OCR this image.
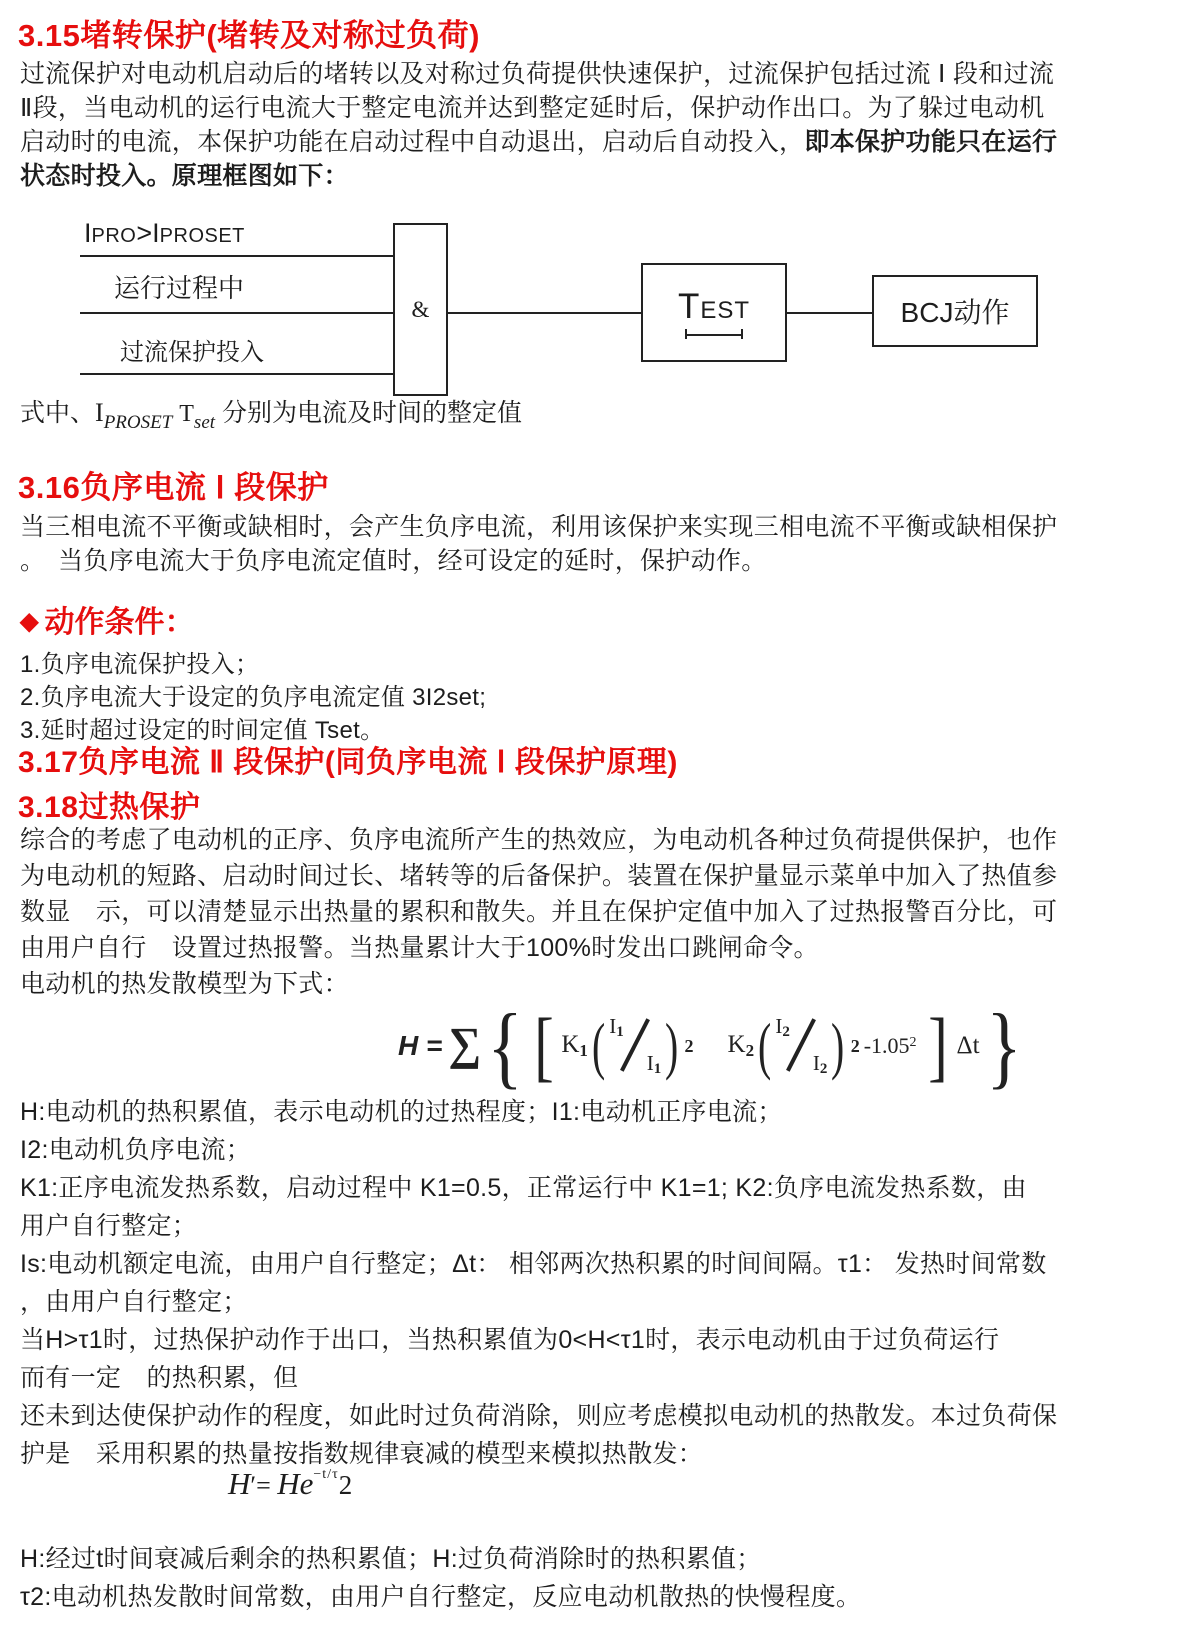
3.15堵转保护(堵转及对称过负荷)
过流保护对电动机启动后的堵转以及对称过负荷提供快速保护，过流保护包括过流 Ⅰ 段和过流
Ⅱ段，当电动机的运行电流大于整定电流并达到整定延时后，保护动作出口。为了躲过电动机
启动时的电流，本保护功能在启动过程中自动退出，启动后自动投入，即本保护功能只在运行
状态时投入。原理框图如下：
IPRO>IPROSET
运行过程中
过流保护投入
&	TEST	BCJ动作
式中、$I_{PROSET}$ $T_{set}$ 分别为电流及时间的整定值
3.16负序电流 Ⅰ 段保护
当三相电流不平衡或缺相时，会产生负序电流，利用该保护来实现三相电流不平衡或缺相保护
。　当负序电流大于负序电流定值时，经可设定的延时，保护动作。
◆ 动作条件：
1.负序电流保护投入；
2.负序电流大于设定的负序电流定值 3I2set;
3.延时超过设定的时间定值 Tset。
3.17负序电流 Ⅱ 段保护(同负序电流 Ⅰ 段保护原理)
3.18过热保护
综合的考虑了电动机的正序、负序电流所产生的热效应，为电动机各种过负荷提供保护，也作
为电动机的短路、启动时间过长、堵转等的后备保护。装置在保护量显示菜单中加入了热值参
数显　示，可以清楚显示出热量的累积和散失。并且在保护定值中加入了过热报警百分比，可
由用户自行　设置过热报警。当热量累计大于100%时发出口跳闸命令。
电动机的热发散模型为下式：
H = ∑ { [ K1 ( I1
I1 ) 2 K2 ( I2
I2 ) 2 -1.05$^2$ ] Δt }
H:电动机的热积累值，表示电动机的过热程度；I1:电动机正序电流；
I2:电动机负序电流；
K1:正序电流发热系数，启动过程中 K1=0.5，正常运行中 K1=1; K2:负序电流发热系数，由
用户自行整定；
Is:电动机额定电流，由用户自行整定；Δt： 相邻两次热积累的时间间隔。τ1： 发热时间常数
，由用户自行整定；
当H>τ1时，过热保护动作于出口，当热积累值为0<H<τ1时，表示电动机由于过负荷运行
而有一定　的热积累，但
还未到达使保护动作的程度，如此时过负荷消除，则应考虑模拟电动机的热散发。本过负荷保
护是　采用积累的热量按指数规律衰减的模型来模拟热散发：
H′= He−t/τ2
H:经过t时间衰减后剩余的热积累值；H:过负荷消除时的热积累值；
τ2:电动机热发散时间常数，由用户自行整定，反应电动机散热的快慢程度。
